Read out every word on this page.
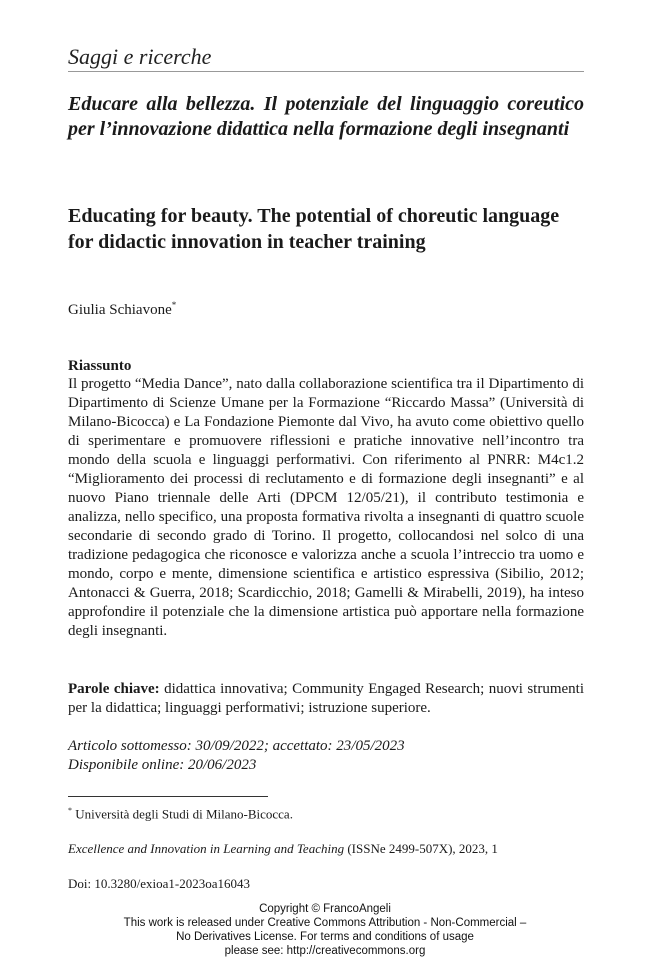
Saggi e ricerche
Educare alla bellezza. Il potenziale del linguaggio coreutico per l’innovazione didattica nella formazione degli insegnanti
Educating for beauty. The potential of choreutic language for didactic innovation in teacher training
Giulia Schiavone*
Riassunto
Il progetto “Media Dance”, nato dalla collaborazione scientifica tra il Dipartimento di Dipartimento di Scienze Umane per la Formazione “Riccardo Massa” (Università di Milano-Bicocca) e La Fondazione Piemonte dal Vivo, ha avuto come obiettivo quello di sperimentare e promuovere riflessioni e pratiche innovative nell’incontro tra mondo della scuola e linguaggi performativi. Con riferimento al PNRR: M4c1.2 “Miglioramento dei processi di reclutamento e di formazione degli insegnanti” e al nuovo Piano triennale delle Arti (DPCM 12/05/21), il contributo testimonia e analizza, nello specifico, una proposta formativa rivolta a insegnanti di quattro scuole secondarie di secondo grado di Torino. Il progetto, collocandosi nel solco di una tradizione pedagogica che riconosce e valorizza anche a scuola l’intreccio tra uomo e mondo, corpo e mente, dimensione scientifica e artistico espressiva (Sibilio, 2012; Antonacci & Guerra, 2018; Scardicchio, 2018; Gamelli & Mirabelli, 2019), ha inteso approfondire il potenziale che la dimensione artistica può apportare nella formazione degli insegnanti.
Parole chiave: didattica innovativa; Community Engaged Research; nuovi strumenti per la didattica; linguaggi performativi; istruzione superiore.
Articolo sottomesso: 30/09/2022; accettato: 23/05/2023
Disponibile online: 20/06/2023
* Università degli Studi di Milano-Bicocca.
Excellence and Innovation in Learning and Teaching (ISSNe 2499-507X), 2023, 1
Doi: 10.3280/exioa1-2023oa16043
Copyright © FrancoAngeli
This work is released under Creative Commons Attribution - Non-Commercial –
No Derivatives License. For terms and conditions of usage
please see: http://creativecommons.org
